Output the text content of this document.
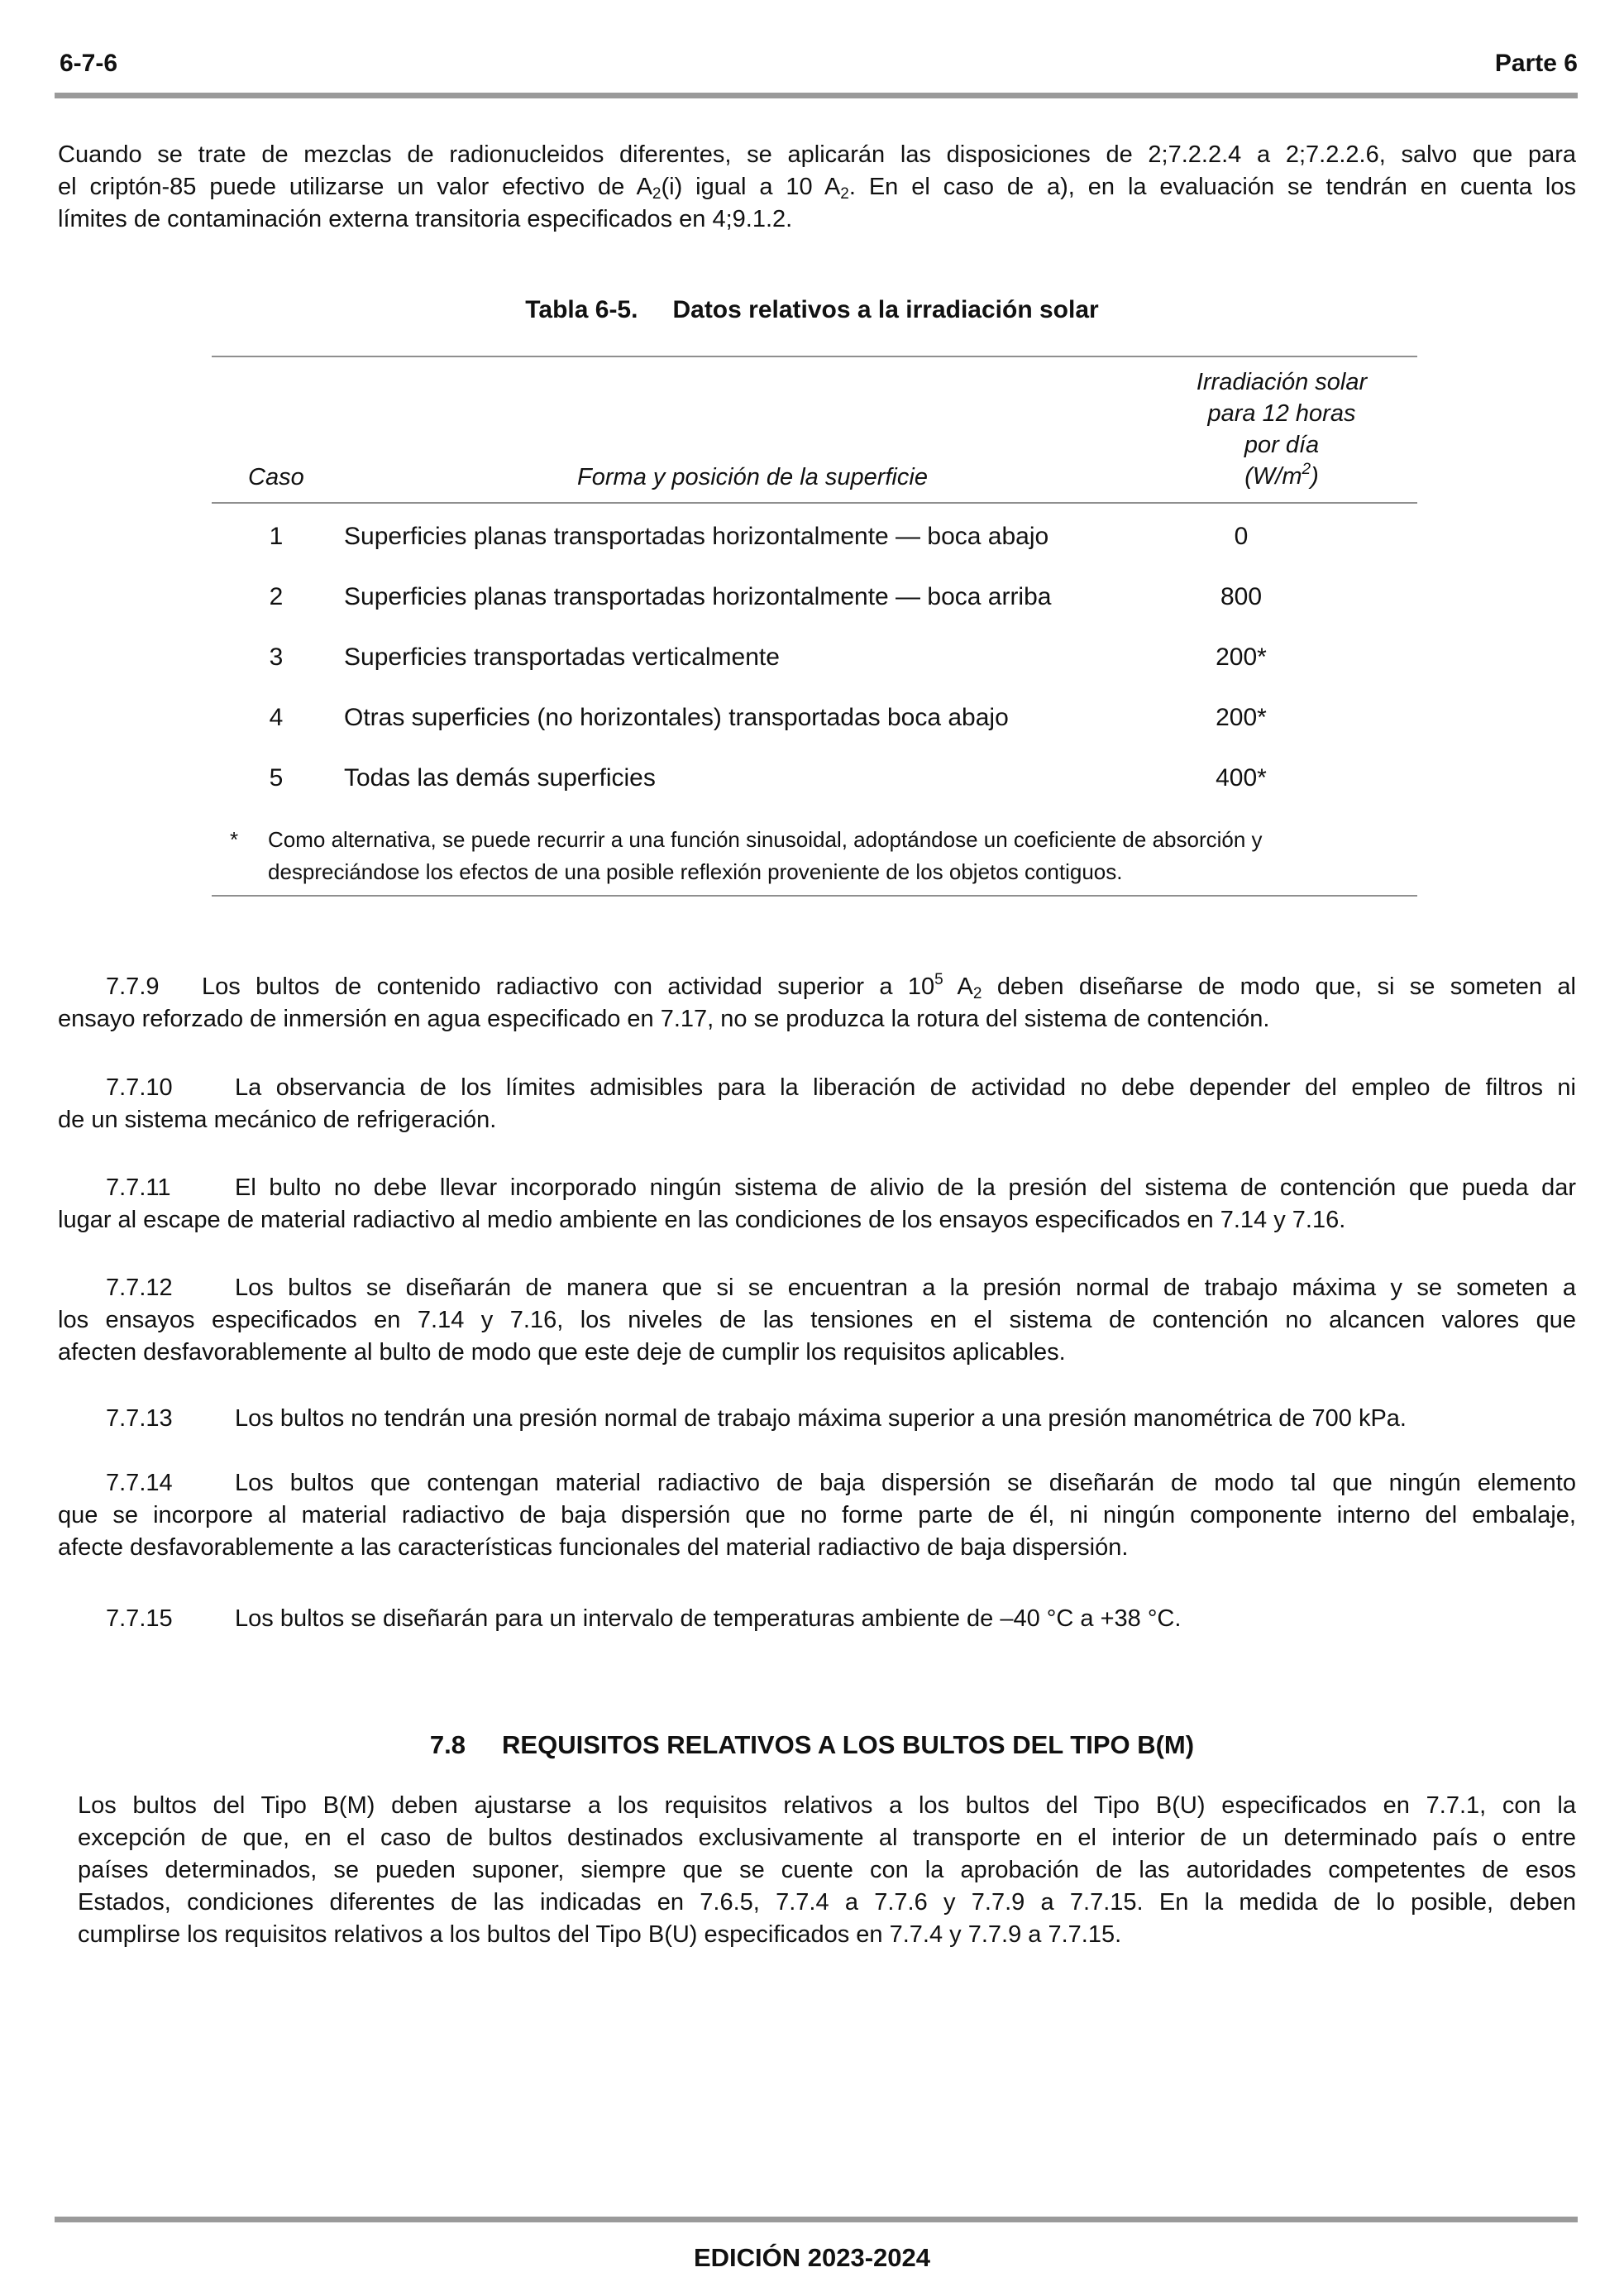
6-7-6	Parte 6
Cuando se trate de mezclas de radionucleidos diferentes, se aplicarán las disposiciones de 2;7.2.2.4 a 2;7.2.2.6, salvo que para
el criptón-85 puede utilizarse un valor efectivo de $A_2(i)$ igual a 10 $A_2$. En el caso de a), en la evaluación se tendrán en cuenta los
límites de contaminación externa transitoria especificados en 4;9.1.2.
Tabla 6-5. Datos relativos a la irradiación solar
Caso	Forma y posición de la superficie
Irradiación solar
para 12 horas
por día
$(W/m^2)$
1	Superficies planas transportadas horizontalmente — boca abajo	0
2	Superficies planas transportadas horizontalmente — boca arriba	800
3	Superficies transportadas verticalmente	200*
4	Otras superficies (no horizontales) transportadas boca abajo	200*
5	Todas las demás superficies	400*
* Como alternativa, se puede recurrir a una función sinusoidal, adoptándose un coeficiente de absorción y
despreciándose los efectos de una posible reflexión proveniente de los objetos contiguos.
7.7.9 Los bultos de contenido radiactivo con actividad superior a $10^5$ $A_2$ deben diseñarse de modo que, si se someten al
ensayo reforzado de inmersión en agua especificado en 7.17, no se produzca la rotura del sistema de contención.
7.7.10	La observancia de los límites admisibles para la liberación de actividad no debe depender del empleo de filtros ni
de un sistema mecánico de refrigeración.
7.7.11	El bulto no debe llevar incorporado ningún sistema de alivio de la presión del sistema de contención que pueda dar
lugar al escape de material radiactivo al medio ambiente en las condiciones de los ensayos especificados en 7.14 y 7.16.
7.7.12	Los bultos se diseñarán de manera que si se encuentran a la presión normal de trabajo máxima y se someten a
los ensayos especificados en 7.14 y 7.16, los niveles de las tensiones en el sistema de contención no alcancen valores que
afecten desfavorablemente al bulto de modo que este deje de cumplir los requisitos aplicables.
7.7.13	Los bultos no tendrán una presión normal de trabajo máxima superior a una presión manométrica de 700 kPa.
7.7.14	Los bultos que contengan material radiactivo de baja dispersión se diseñarán de modo tal que ningún elemento
que se incorpore al material radiactivo de baja dispersión que no forme parte de él, ni ningún componente interno del embalaje,
afecte desfavorablemente a las características funcionales del material radiactivo de baja dispersión.
7.7.15	Los bultos se diseñarán para un intervalo de temperaturas ambiente de –40 °C a +38 °C.
7.8 REQUISITOS RELATIVOS A LOS BULTOS DEL TIPO B(M)
Los bultos del Tipo B(M) deben ajustarse a los requisitos relativos a los bultos del Tipo B(U) especificados en 7.7.1, con la
excepción de que, en el caso de bultos destinados exclusivamente al transporte en el interior de un determinado país o entre
países determinados, se pueden suponer, siempre que se cuente con la aprobación de las autoridades competentes de esos
Estados, condiciones diferentes de las indicadas en 7.6.5, 7.7.4 a 7.7.6 y 7.7.9 a 7.7.15. En la medida de lo posible, deben
cumplirse los requisitos relativos a los bultos del Tipo B(U) especificados en 7.7.4 y 7.7.9 a 7.7.15.
EDICIÓN 2023-2024
